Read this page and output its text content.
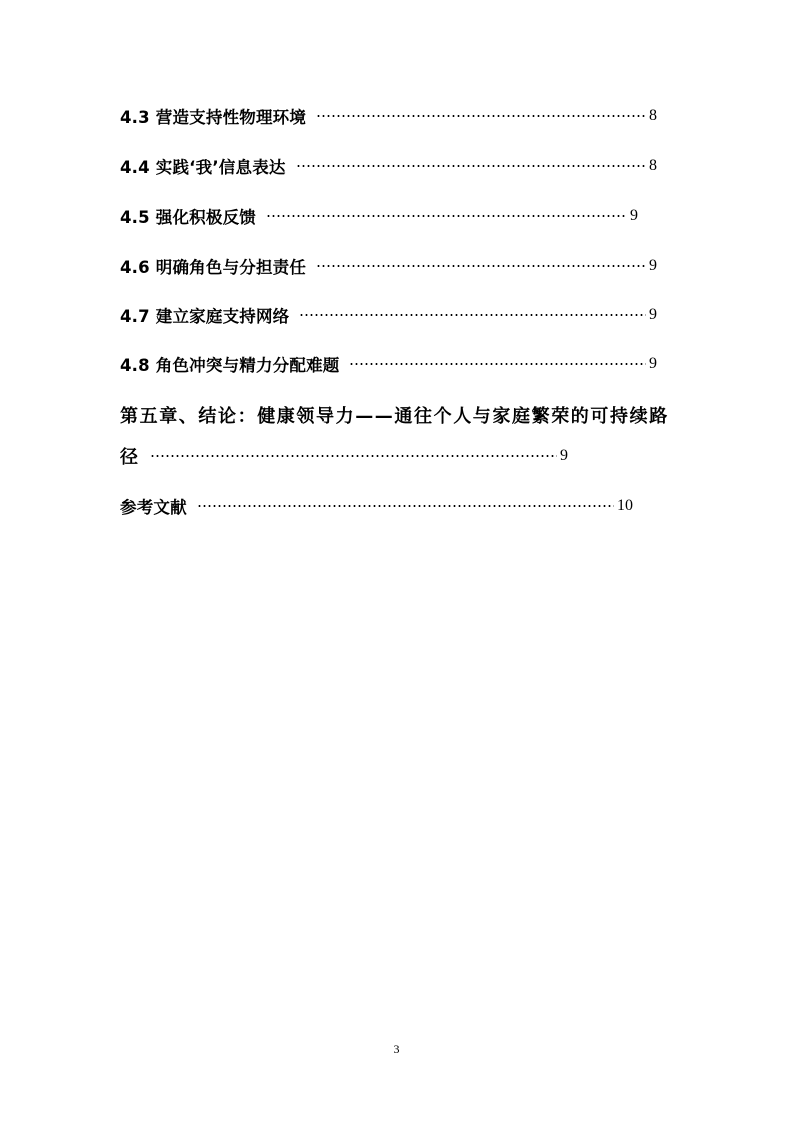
4.3 营造支持性物理环境	8
4.4 实践‘我’信息表达	8
4.5 强化积极反馈	9
4.6 明确角色与分担责任	9
4.7 建立家庭支持网络	9
4.8 角色冲突与精力分配难题	9
第五章、结论：健康领导力——通往个人与家庭繁荣的可持续路
径	9
参考文献	10
3
